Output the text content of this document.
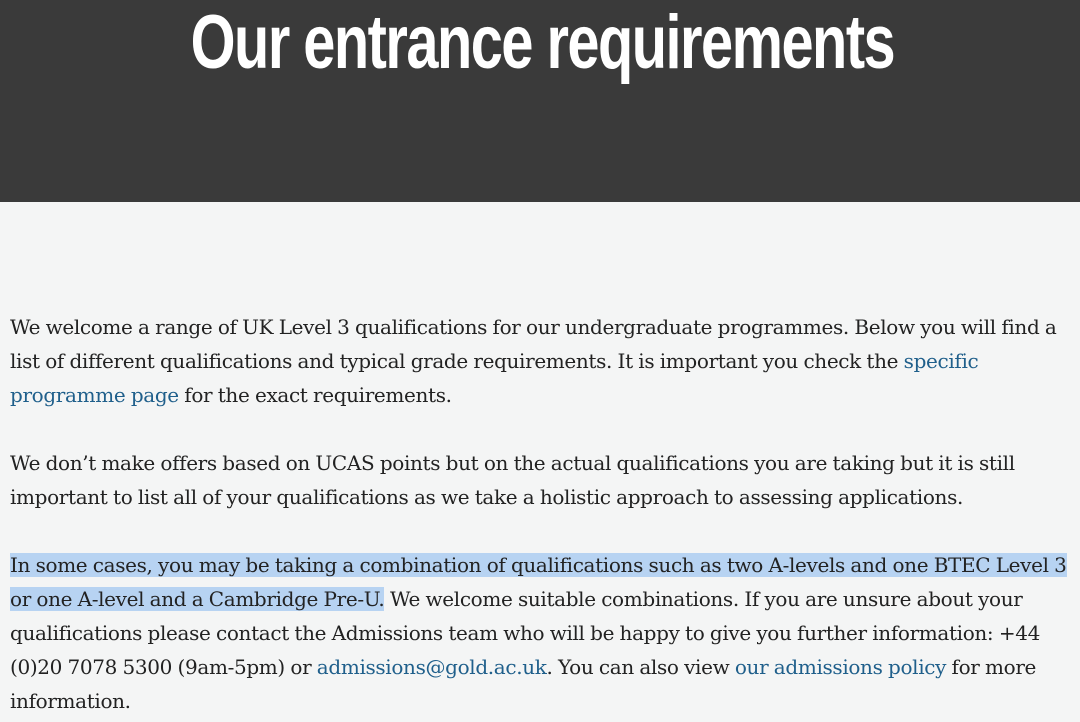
Our entrance requirements

We welcome a range of UK Level 3 qualifications for our undergraduate programmes. Below you will find a list of different qualifications and typical grade requirements. It is important you check the specific programme page for the exact requirements.

We don’t make offers based on UCAS points but on the actual qualifications you are taking but it is still important to list all of your qualifications as we take a holistic approach to assessing applications.

In some cases, you may be taking a combination of qualifications such as two A-levels and one BTEC Level 3 or one A-level and a Cambridge Pre-U. We welcome suitable combinations. If you are unsure about your qualifications please contact the Admissions team who will be happy to give you further information: +44 (0)20 7078 5300 (9am-5pm) or admissions@gold.ac.uk. You can also view our admissions policy for more information.
